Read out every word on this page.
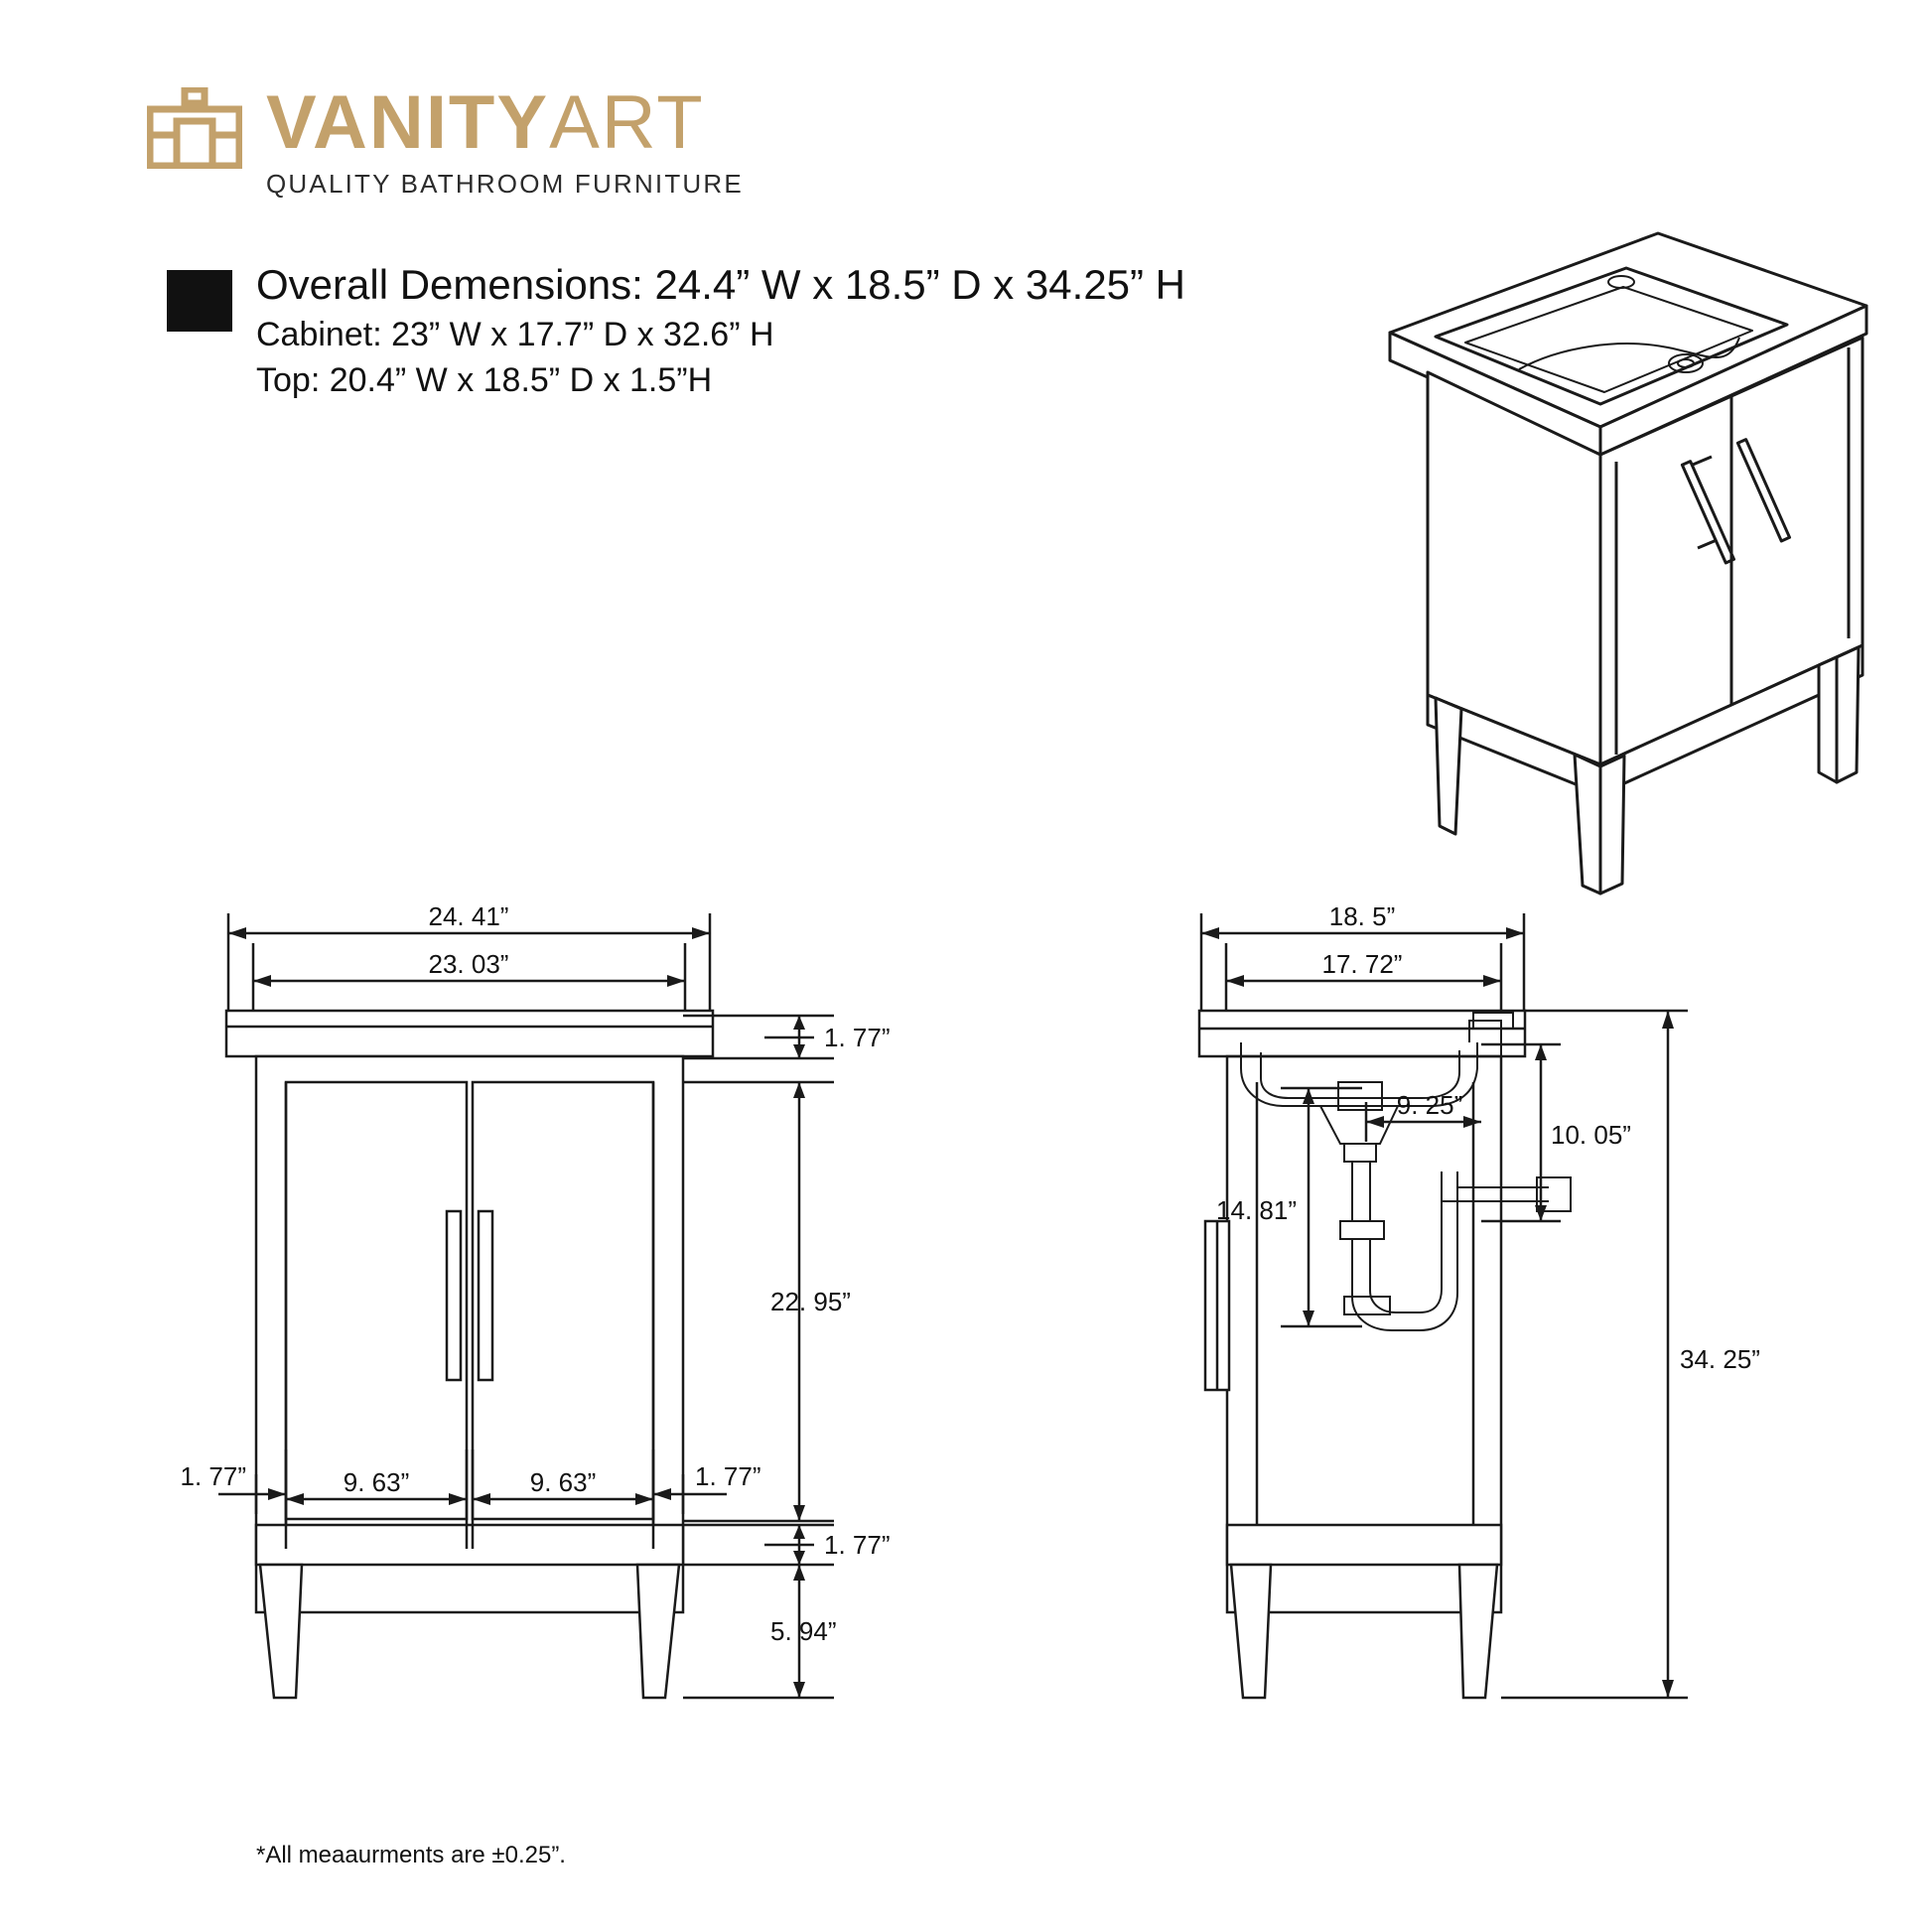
VANITYART
QUALITY BATHROOM FURNITURE
Overall Demensions: 24.4” W x 18.5” D x 34.25” H
Cabinet: 23” W x 17.7” D x 32.6” H
Top: 20.4” W x 18.5” D x 1.5”H
24. 41”
23. 03”
9. 63”	9. 63”
1. 77”
22. 95”
1. 77”
5. 94”
1. 77”
1. 77”
18. 5”
17. 72”
9. 25”
10. 05”
34. 25”
14. 81”
*All meaaurments are ±0.25”.
